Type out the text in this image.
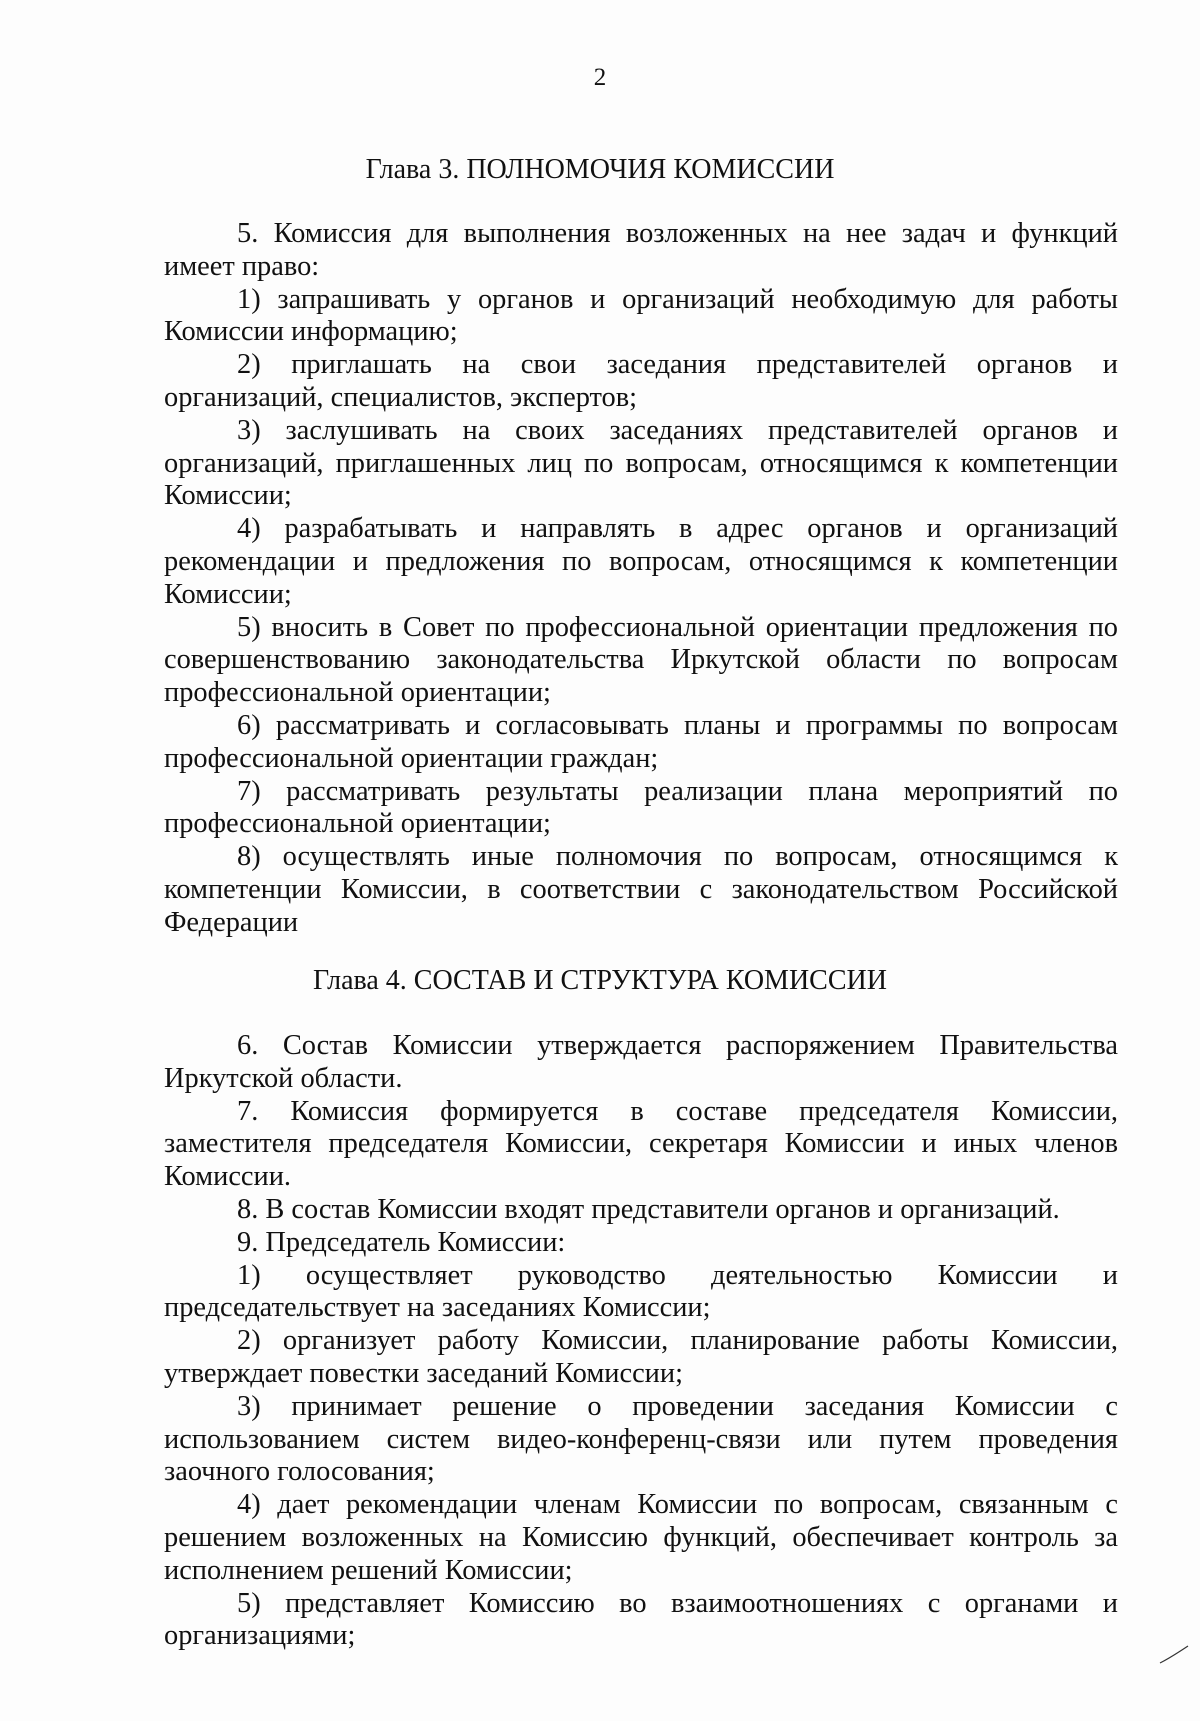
2
Глава 3. ПОЛНОМОЧИЯ КОМИССИИ

5. Комиссия для выполнения возложенных на нее задач и функций имеет право:

1) запрашивать у органов и организаций необходимую для работы Комиссии информацию;

2) приглашать на свои заседания представителей органов и организаций, специалистов, экспертов;

3) заслушивать на своих заседаниях представителей органов и организаций, приглашенных лиц по вопросам, относящимся к компетенции Комиссии;

4) разрабатывать и направлять в адрес органов и организаций рекомендации и предложения по вопросам, относящимся к компетенции Комиссии;

5) вносить в Совет по профессиональной ориентации предложения по совершенствованию законодательства Иркутской области по вопросам профессиональной ориентации;

6) рассматривать и согласовывать планы и программы по вопросам профессиональной ориентации граждан;

7) рассматривать результаты реализации плана мероприятий по профессиональной ориентации;

8) осуществлять иные полномочия по вопросам, относящимся к компетенции Комиссии, в соответствии с законодательством Российской Федерации

Глава 4. СОСТАВ И СТРУКТУРА КОМИССИИ

6. Состав Комиссии утверждается распоряжением Правительства Иркутской области.

7. Комиссия формируется в составе председателя Комиссии, заместителя председателя Комиссии, секретаря Комиссии и иных членов Комиссии.

8. В состав Комиссии входят представители органов и организаций.

9. Председатель Комиссии:

1) осуществляет руководство деятельностью Комиссии и председательствует на заседаниях Комиссии;

2) организует работу Комиссии, планирование работы Комиссии, утверждает повестки заседаний Комиссии;

3) принимает решение о проведении заседания Комиссии с использованием систем видео-конференц-связи или путем проведения заочного голосования;

4) дает рекомендации членам Комиссии по вопросам, связанным с решением возложенных на Комиссию функций, обеспечивает контроль за исполнением решений Комиссии;

5) представляет Комиссию во взаимоотношениях с органами и организациями;
